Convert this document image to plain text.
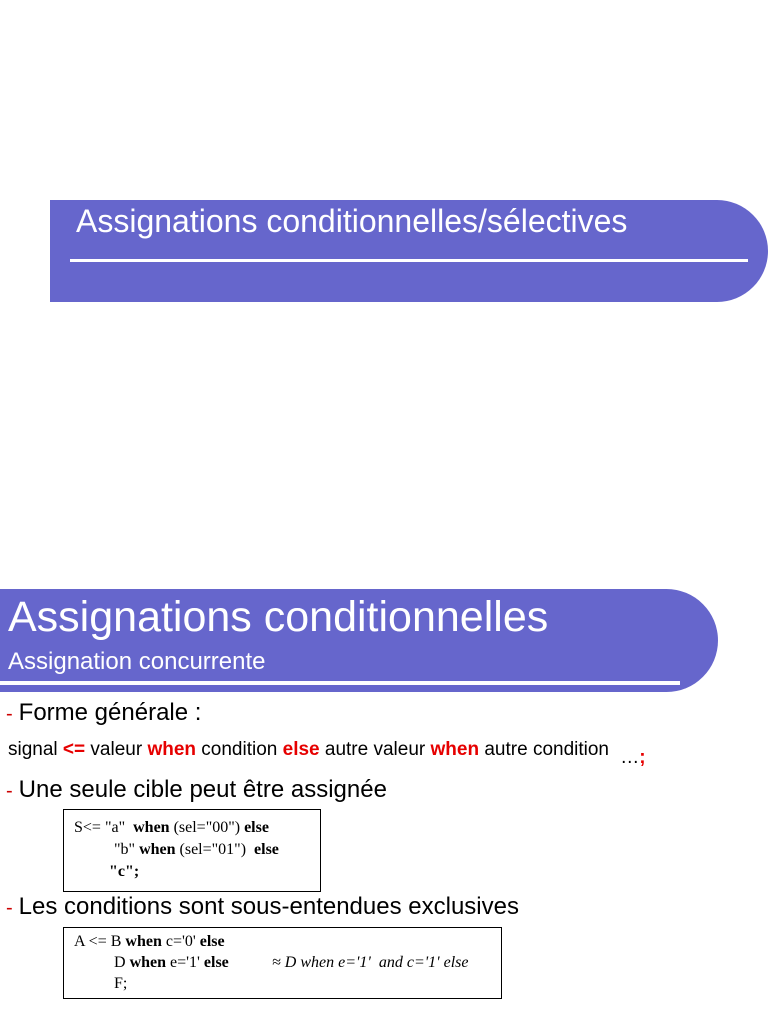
Assignations conditionnelles/sélectives
Assignations conditionnelles
Assignation concurrente
- Forme générale :
signal <= valeur when condition else autre valeur when autre condition …;
- Une seule cible peut être assignée
S<= "a"  when (sel="00") else
"b" when (sel="01")  else
"c";
- Les conditions sont sous-entendues exclusives
A <= B when c='0' else
D when e='1' else	≈ D when e='1'  and c='1' else
F;
